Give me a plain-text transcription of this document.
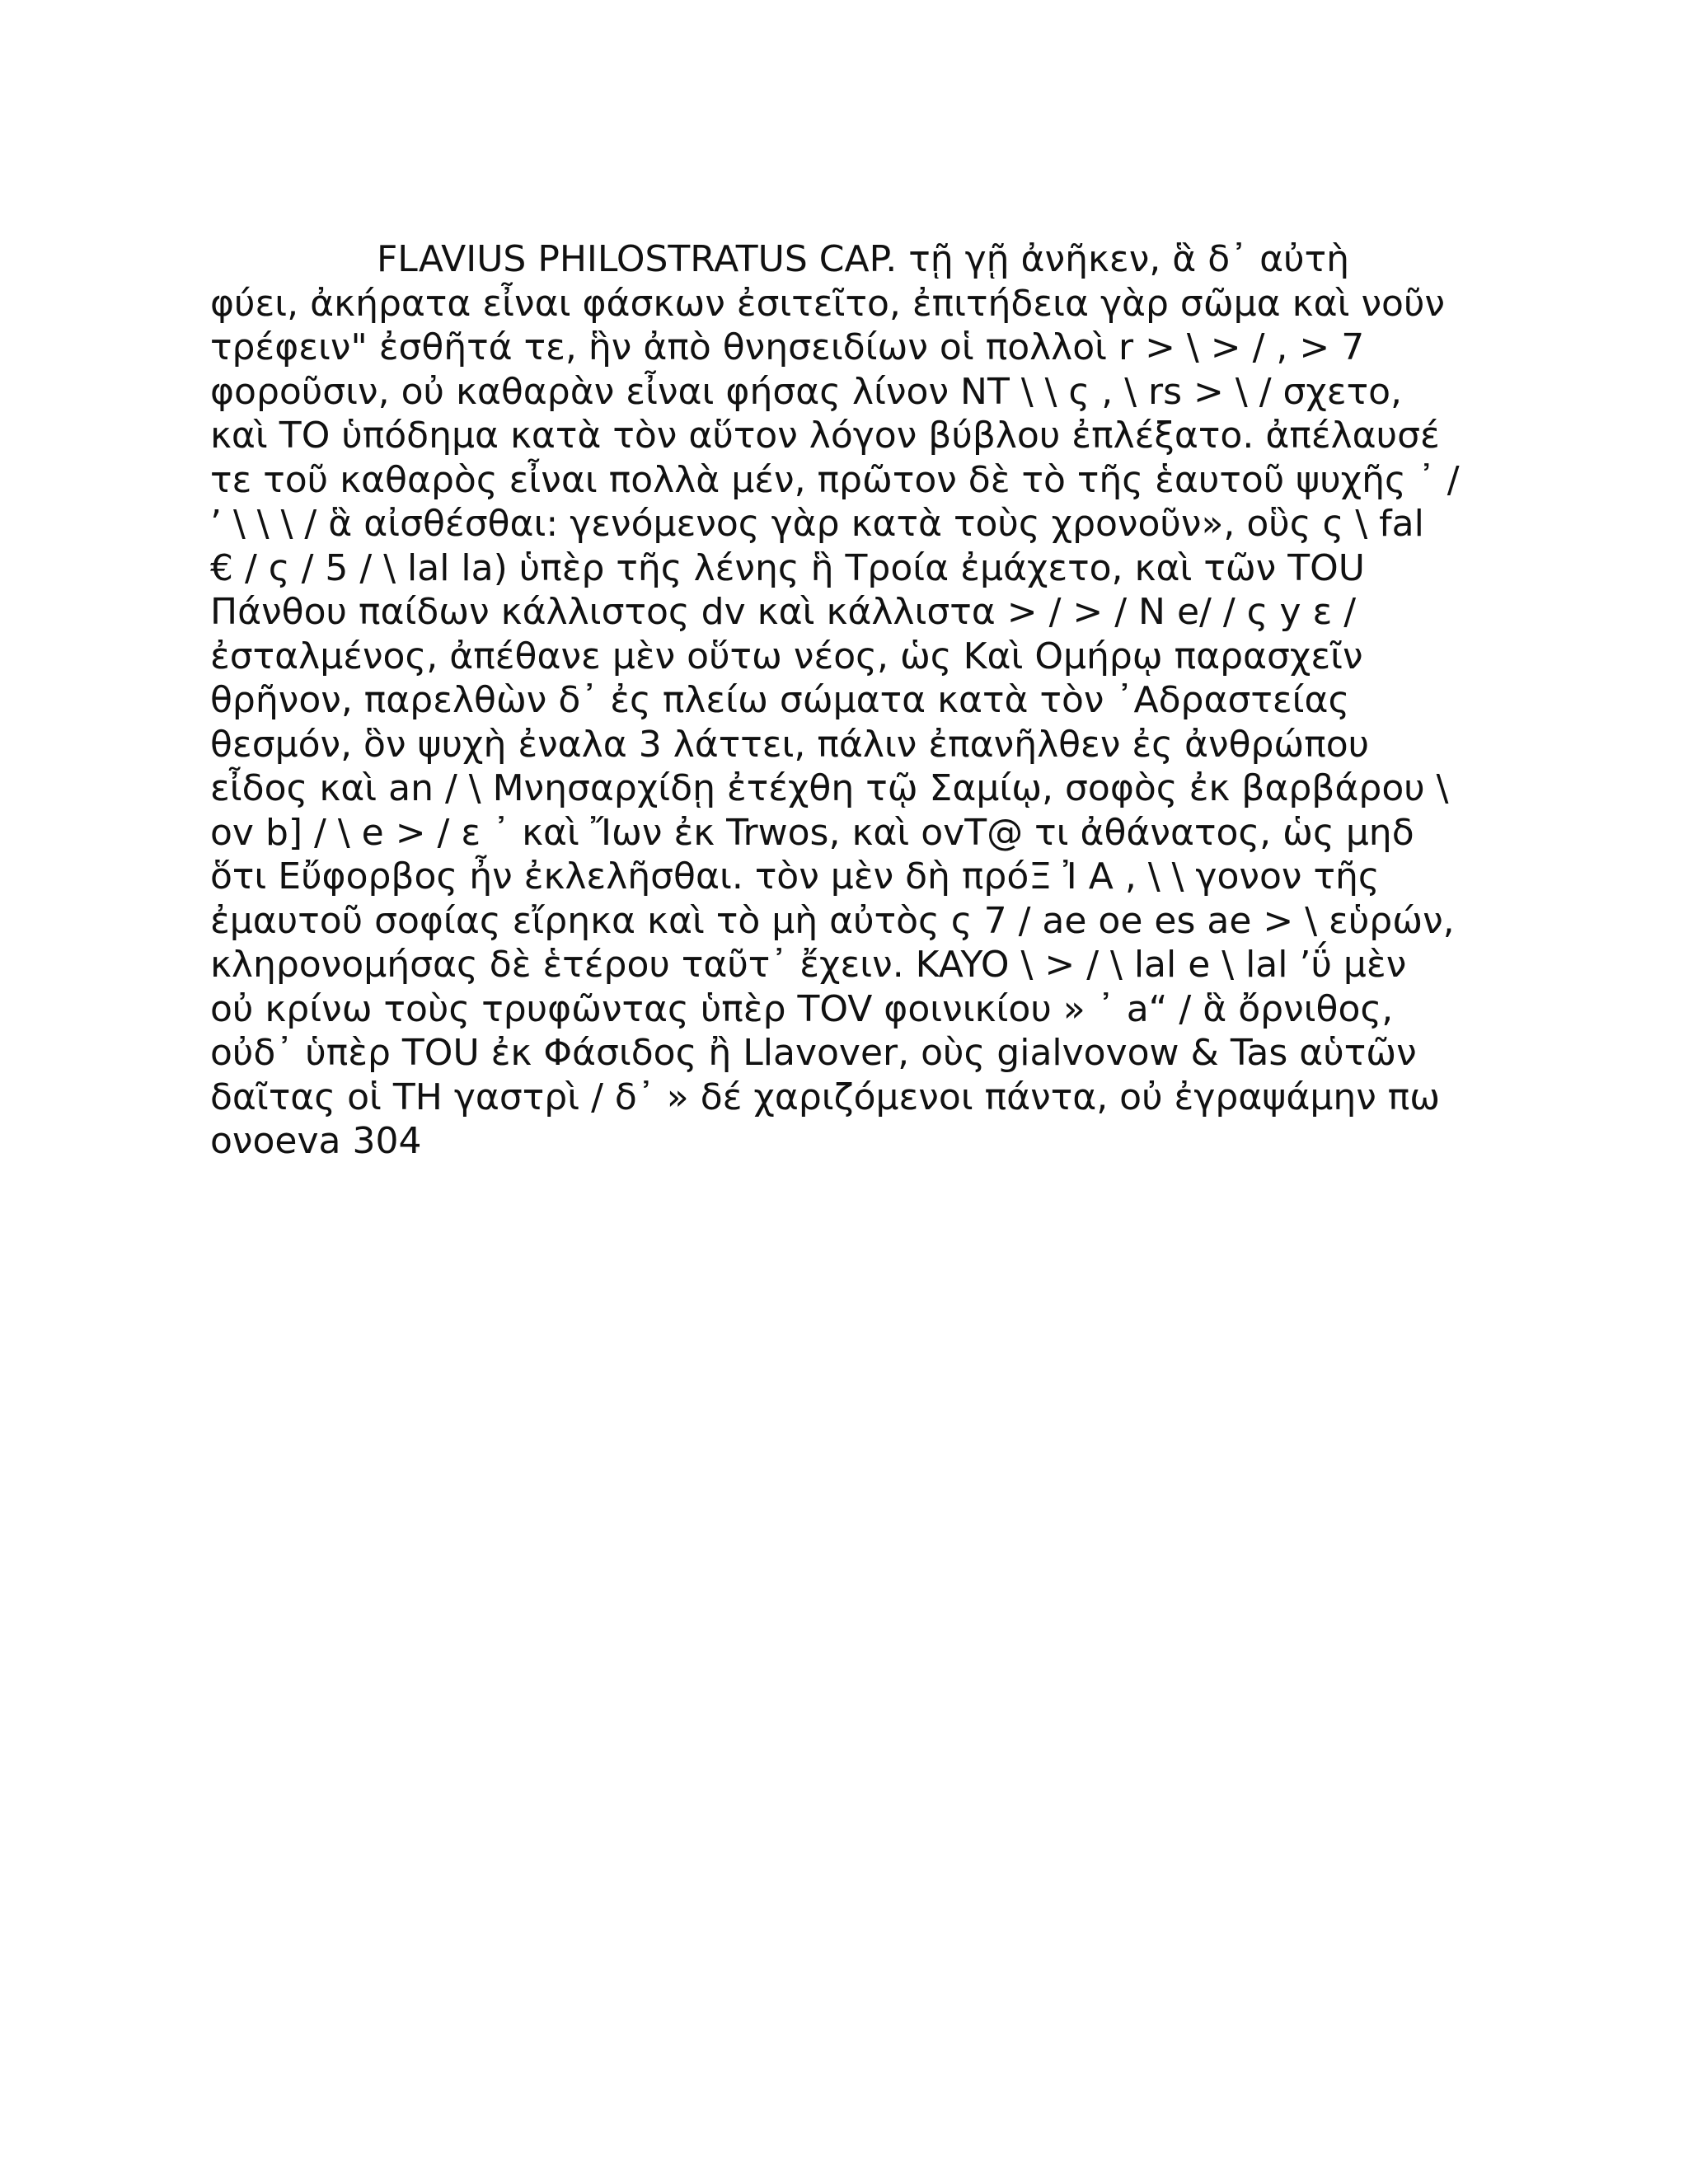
FLAVIUS PHILOSTRATUS CAP. τῇ γῇ ἀνῆκεν, ἃ δ᾽ αὐτὴ
φύει, ἀκήρατα εἶναι φάσκων ἐσιτεῖτο, ἐπιτήδεια γὰρ σῶμα καὶ νοῦν
τρέφειν" ἐσθῆτά τε, ἣν ἀπὸ θνησειδίων οἱ πολλοὶ r > \ > / , > 7
φοροῦσιν, οὐ καθαρὰν εἶναι φήσας λίνον NT \ \ ς , \ rs > \ / σχετο,
καὶ TO ὑπόδημα κατὰ τὸν αὕτον λόγον βύβλου ἐπλέξατο. ἀπέλαυσέ
τε τοῦ καθαρὸς εἶναι πολλὰ μέν, πρῶτον δὲ τὸ τῆς ἑαυτοῦ ψυχῆς ᾽ /
’ \ \ \ / ἃ αἰσθέσθαι: γενόμενος γὰρ κατὰ τοὺς χρονοῦν», οὓς ς \ fal
€ / ς / 5 / \ lal la) ὑπὲρ τῆς λένης ἣ Τροία ἐμάχετο, καὶ τῶν TOU
Πάνθου παίδων κάλλιστος dv καὶ κάλλιστα > / > / N e/ / ς y ε /
ἐσταλμένος, ἀπέθανε μὲν οὕτω νέος, ὡς Καὶ Ομήρῳ παρασχεῖν
θρῆνον, παρελθὼν δ᾽ ἐς πλείω σώματα κατὰ τὸν ᾽Αδραστείας
θεσμόν, ὃν ψυχὴ ἐναλα 3 λάττει, πάλιν ἐπανῆλθεν ἐς ἀνθρώπου
εἶδος καὶ an / \ Μνησαρχίδῃ ἐτέχθη τῷ Σαμίῳ, σοφὸς ἐκ βαρβάρου \
ov b] / \ e > / ε ᾽ καὶ Ἴων ἐκ Trwos, καὶ ovT@ τι ἀθάνατος, ὡς μηδ
ὅτι Εὔφορβος ἦν ἐκλελῆσθαι. τὸν μὲν δὴ πρόΞ Ἰ A , \ \ γονον τῆς
ἐμαυτοῦ σοφίας εἴρηκα καὶ τὸ μὴ αὐτὸς ς 7 / ae oe es ae > \ εὑρών,
κληρονομήσας δὲ ἑτέρου ταῦτ᾽ ἔχειν. KAYO \ > / \ lal e \ lal ’ΰ μὲν
οὐ κρίνω τοὺς τρυφῶντας ὑπὲρ TOV φοινικίου » ᾽ a“ / ἃ ὄρνιθος,
οὐδ᾽ ὑπὲρ TOU ἐκ Φάσιδος ἢ Llavover, οὺς gialvovow & Tas αὑτῶν
δαῖτας οἱ TH γαστρὶ / δ᾽ » δέ χαριζόμενοι πάντα, οὐ ἐγραψάμην πω
ονοeva 304
